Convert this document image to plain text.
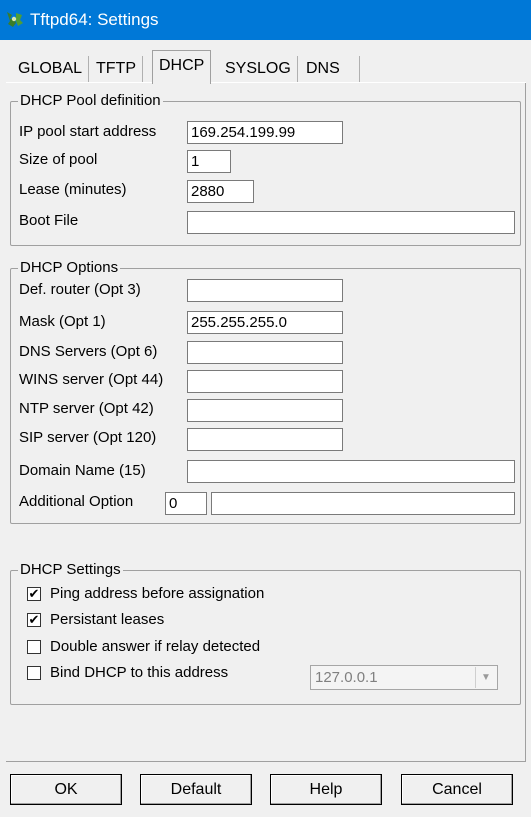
Tftpd64: Settings
GLOBAL TFTP	DHCP	SYSLOG DNS
DHCP Pool definition
IP pool start address 169.254.199.99
Size of pool	1
Lease (minutes)	2880
Boot File
DHCP Options
Def. router (Opt 3)
Mask (Opt 1)	255.255.255.0
DNS Servers (Opt 6)
WINS server (Opt 44)
NTP server (Opt 42)
SIP server (Opt 120)
Domain Name (15)
Additional Option 0
DHCP Settings
✔ Ping address before assignation
✔ Persistant leases
Double answer if relay detected
Bind DHCP to this address	127.0.0.1	▼
OK	Default	Help	Cancel
